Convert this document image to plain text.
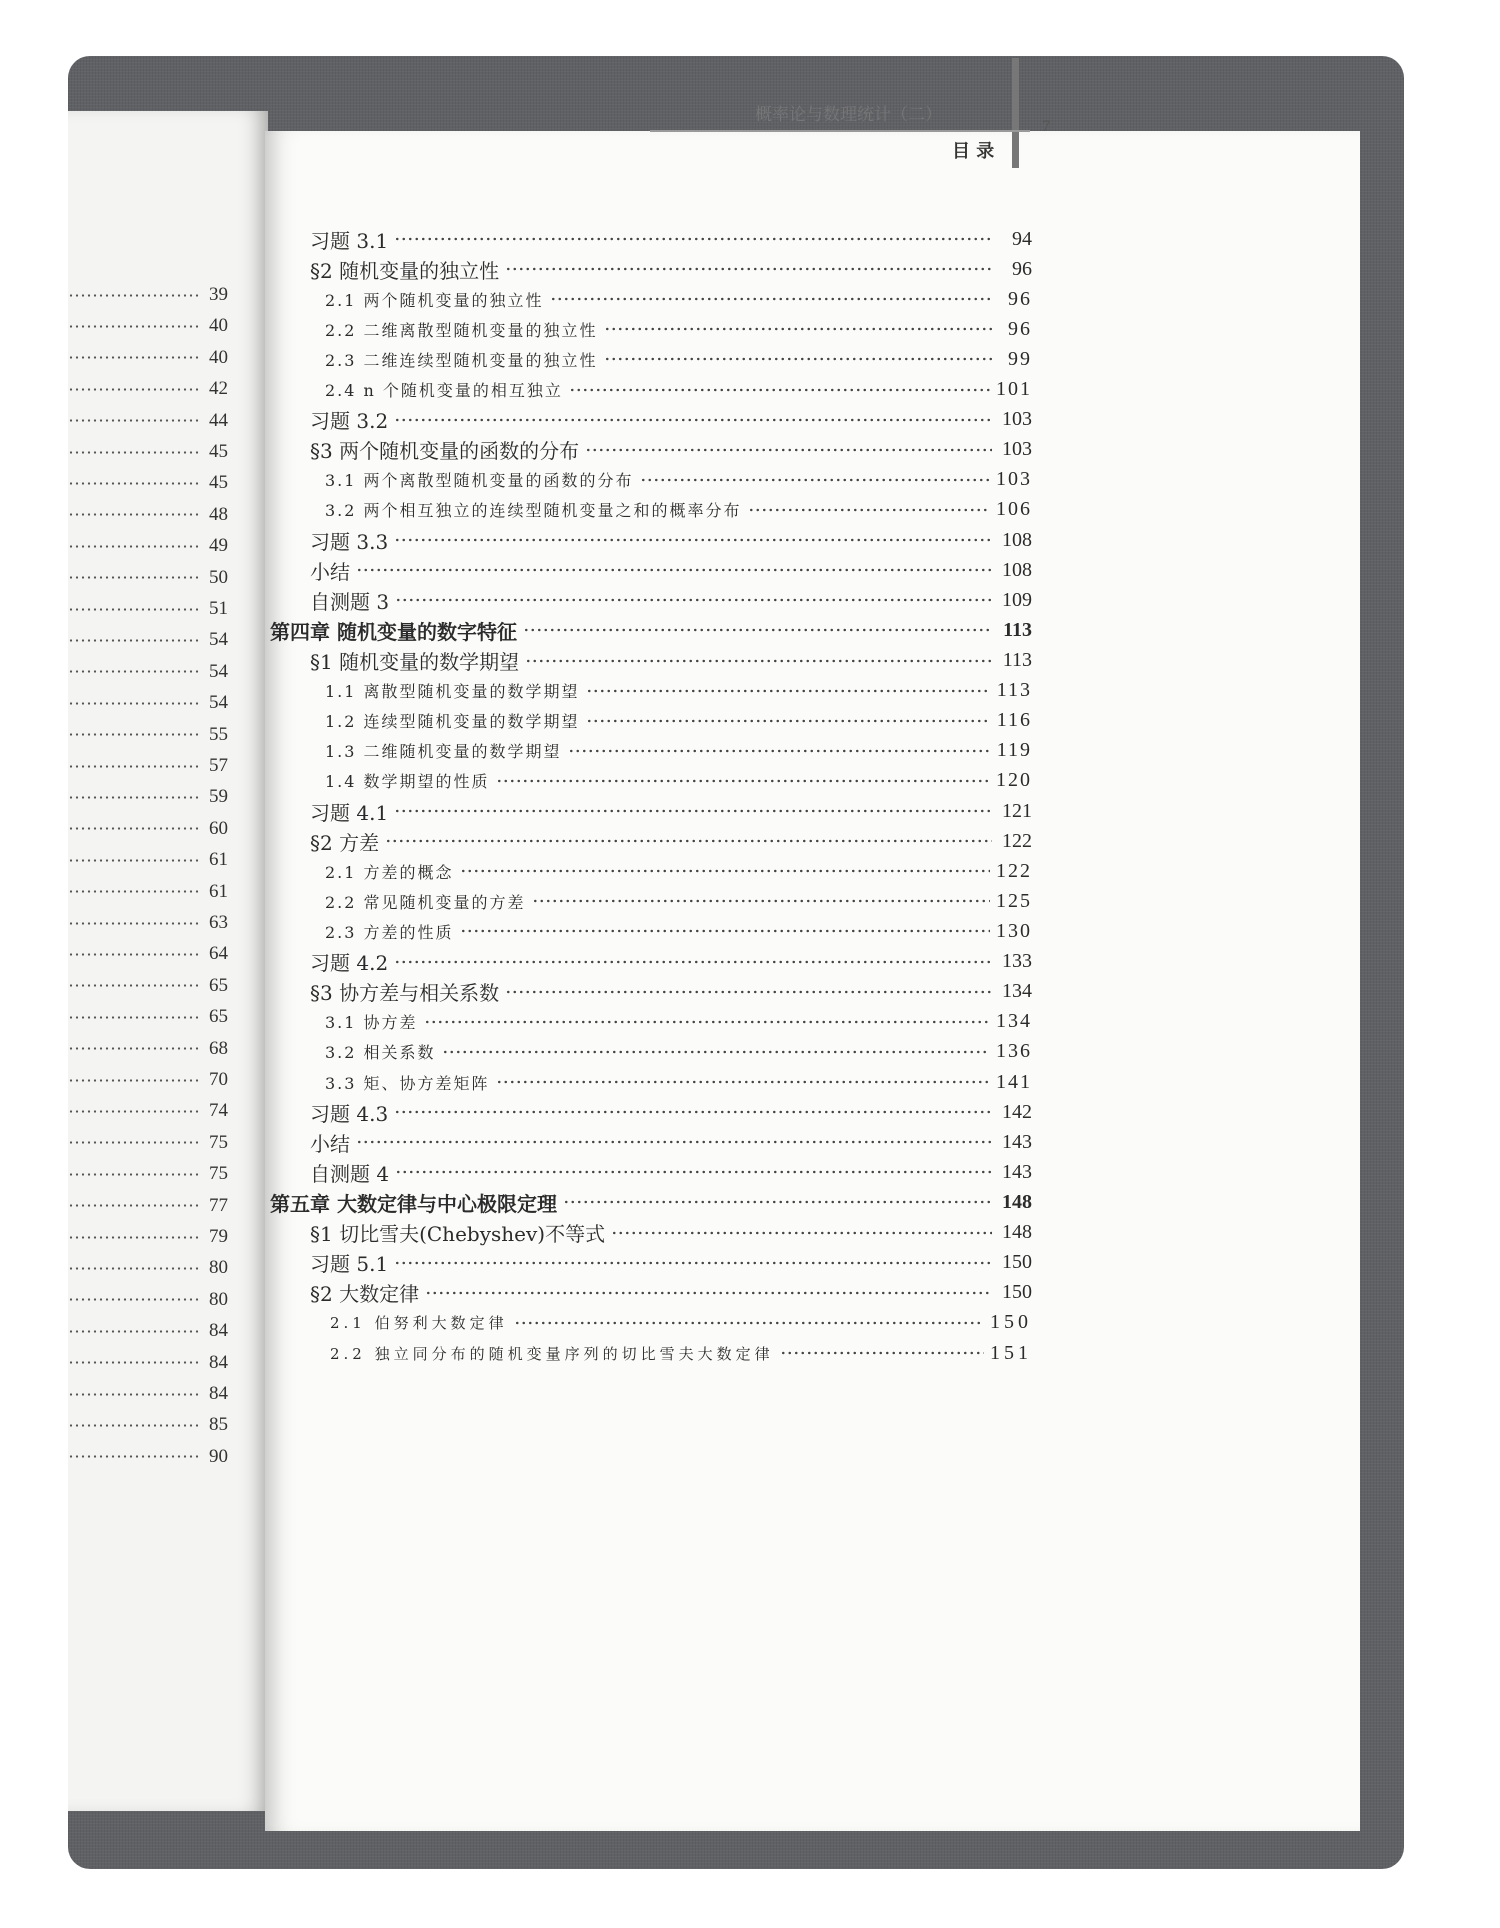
39
40
40
42
44
45
45
48
49
50
51
54
54
54
55
57
59
60
61
61
63
64
65
65
68
70
74
75
75
77
79
80
80
84
84
84
85
90
概率论与数理统计（二）
目 录
7
习题 3.1	94
§2 随机变量的独立性	96
2.1 两个随机变量的独立性	96
2.2 二维离散型随机变量的独立性	96
2.3 二维连续型随机变量的独立性	99
2.4 n 个随机变量的相互独立	101
习题 3.2	103
§3 两个随机变量的函数的分布	103
3.1 两个离散型随机变量的函数的分布	103
3.2 两个相互独立的连续型随机变量之和的概率分布	106
习题 3.3	108
小结	108
自测题 3	109
第四章 随机变量的数字特征	113
§1 随机变量的数学期望	113
1.1 离散型随机变量的数学期望	113
1.2 连续型随机变量的数学期望	116
1.3 二维随机变量的数学期望	119
1.4 数学期望的性质	120
习题 4.1	121
§2 方差	122
2.1 方差的概念	122
2.2 常见随机变量的方差	125
2.3 方差的性质	130
习题 4.2	133
§3 协方差与相关系数	134
3.1 协方差	134
3.2 相关系数	136
3.3 矩、协方差矩阵	141
习题 4.3	142
小结	143
自测题 4	143
第五章 大数定律与中心极限定理	148
§1 切比雪夫(Chebyshev)不等式	148
习题 5.1	150
§2 大数定律	150
2.1 伯努利大数定律	150
2.2 独立同分布的随机变量序列的切比雪夫大数定律	151
